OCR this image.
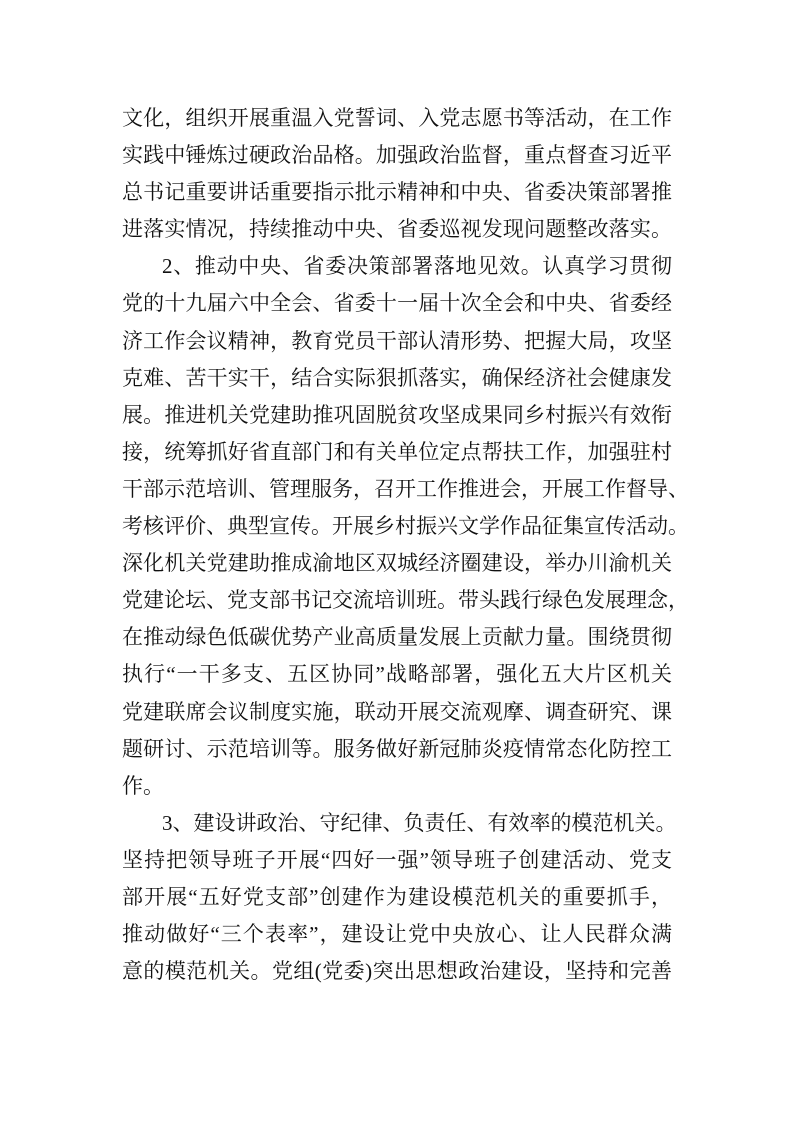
文化，组织开展重温入党誓词、入党志愿书等活动，在工作
实践中锤炼过硬政治品格。加强政治监督，重点督查习近平
总书记重要讲话重要指示批示精神和中央、省委决策部署推
进落实情况，持续推动中央、省委巡视发现问题整改落实。
2、推动中央、省委决策部署落地见效。认真学习贯彻
党的十九届六中全会、省委十一届十次全会和中央、省委经
济工作会议精神，教育党员干部认清形势、把握大局，攻坚
克难、苦干实干，结合实际狠抓落实，确保经济社会健康发
展。推进机关党建助推巩固脱贫攻坚成果同乡村振兴有效衔
接，统筹抓好省直部门和有关单位定点帮扶工作，加强驻村
干部示范培训、管理服务，召开工作推进会，开展工作督导、
考核评价、典型宣传。开展乡村振兴文学作品征集宣传活动。
深化机关党建助推成渝地区双城经济圈建设，举办川渝机关
党建论坛、党支部书记交流培训班。带头践行绿色发展理念，
在推动绿色低碳优势产业高质量发展上贡献力量。围绕贯彻
执行“一干多支、五区协同”战略部署，强化五大片区机关
党建联席会议制度实施，联动开展交流观摩、调查研究、课
题研讨、示范培训等。服务做好新冠肺炎疫情常态化防控工
作。
3、建设讲政治、守纪律、负责任、有效率的模范机关。
坚持把领导班子开展“四好一强”领导班子创建活动、党支
部开展“五好党支部”创建作为建设模范机关的重要抓手，
推动做好“三个表率”，建设让党中央放心、让人民群众满
意的模范机关。党组(党委)突出思想政治建设，坚持和完善
